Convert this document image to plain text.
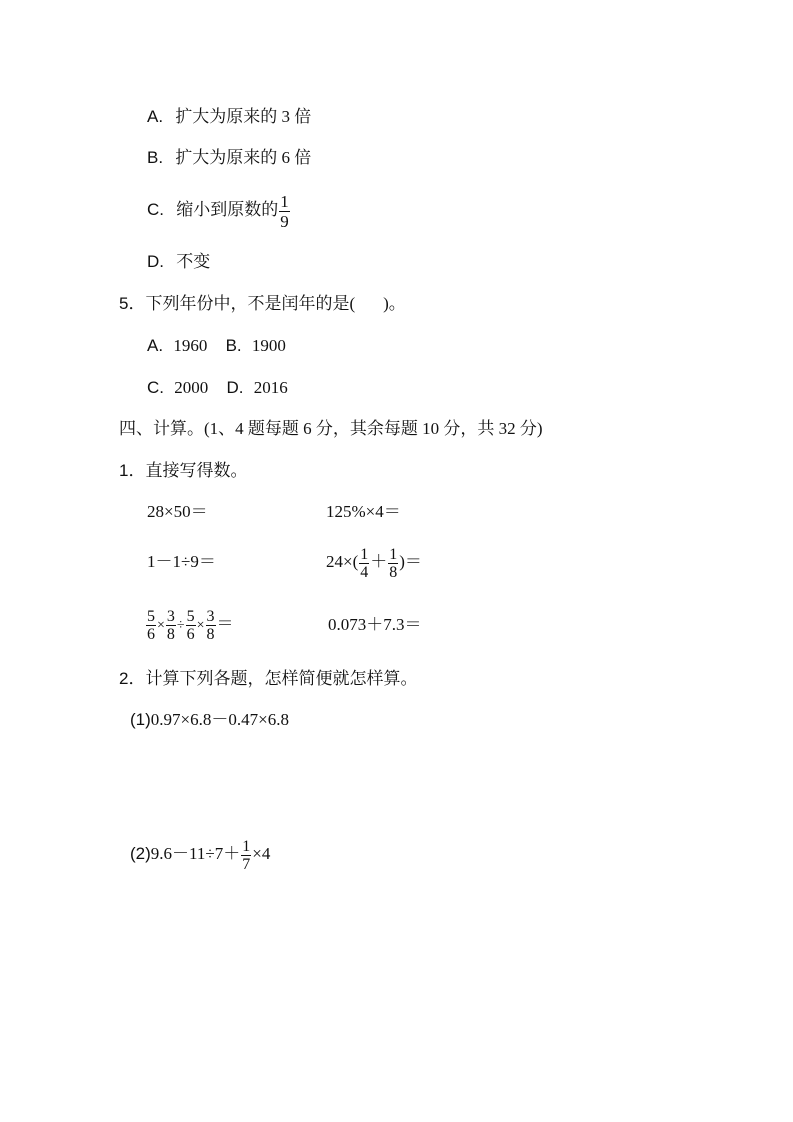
A. 扩大为原来的 3 倍
B. 扩大为原来的 6 倍
C. 缩小到原数的 $\frac{1}{9}$
D. 不变
5．下列年份中，不是闰年的是( )。
A. 1960 B. 1900
C. 2000 D. 2016
四、计算。(1、4 题每题 6 分，其余每题 10 分，共 32 分)
1．直接写得数。
28×50＝	125%×4＝
1－1÷9＝	$24\times( \frac{1}{4} + \frac{1}{8}$ )＝
$\frac{5}{6} \times \frac{3}{8} \div \frac{5}{6} \times \frac{3}{8}$ ＝	0.073＋7.3＝
2．计算下列各题，怎样简便就怎样算。
(1)0.97×6.8－0.47×6.8
$(2)9.6-11\div 7+ \frac{1}{7} \times 4$
